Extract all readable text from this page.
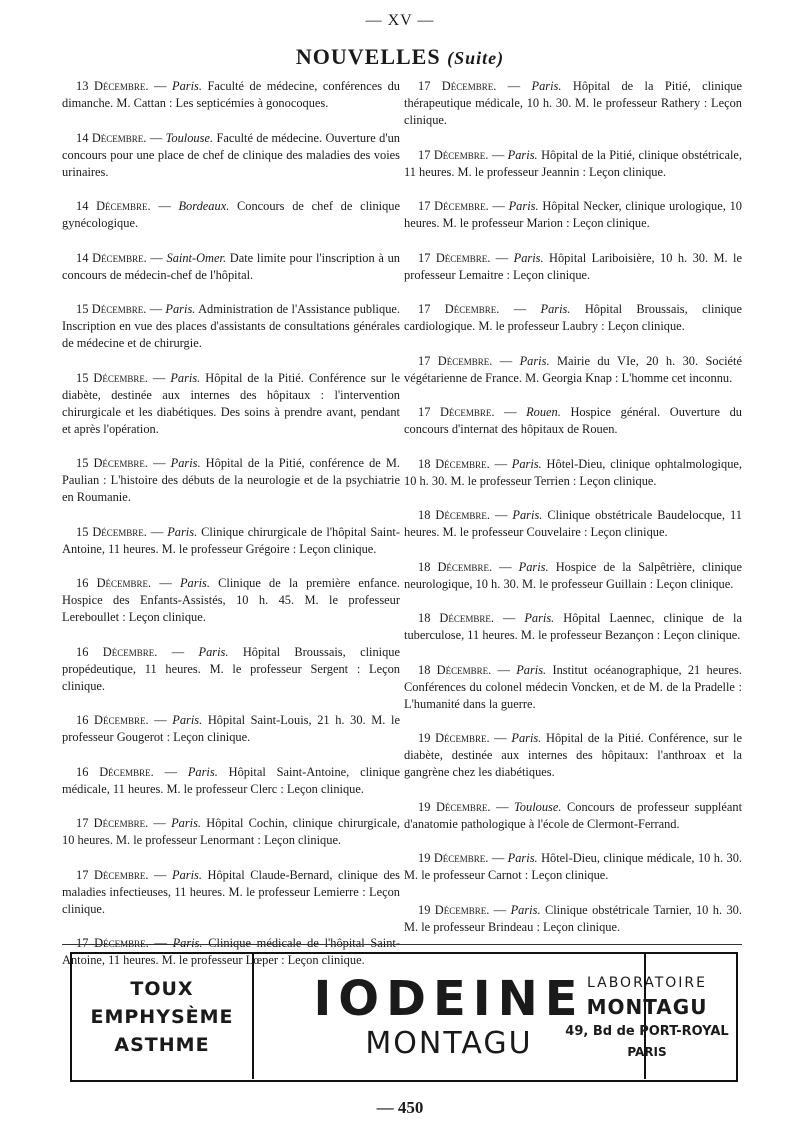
— XV —
NOUVELLES (Suite)

13 Décembre. — Paris. Faculté de médecine, conférences du dimanche. M. Cattan : Les septicémies à gonocoques.

14 Décembre. — Toulouse. Faculté de médecine. Ouverture d'un concours pour une place de chef de clinique des maladies des voies urinaires.

14 Décembre. — Bordeaux. Concours de chef de clinique gynécologique.

14 Décembre. — Saint-Omer. Date limite pour l'inscription à un concours de médecin-chef de l'hôpital.

15 Décembre. — Paris. Administration de l'Assistance publique. Inscription en vue des places d'assistants de consultations générales de médecine et de chirurgie.

15 Décembre. — Paris. Hôpital de la Pitié. Conférence sur le diabète, destinée aux internes des hôpitaux : l'intervention chirurgicale et les diabétiques. Des soins à prendre avant, pendant et après l'opération.

15 Décembre. — Paris. Hôpital de la Pitié, conférence de M. Paulian : L'histoire des débuts de la neurologie et de la psychiatrie en Roumanie.

15 Décembre. — Paris. Clinique chirurgicale de l'hôpital Saint-Antoine, 11 heures. M. le professeur Grégoire : Leçon clinique.

16 Décembre. — Paris. Clinique de la première enfance. Hospice des Enfants-Assistés, 10 h. 45. M. le professeur Lereboullet : Leçon clinique.

16 Décembre. — Paris. Hôpital Broussais, clinique propédeutique, 11 heures. M. le professeur Sergent : Leçon clinique.

16 Décembre. — Paris. Hôpital Saint-Louis, 21 h. 30. M. le professeur Gougerot : Leçon clinique.

16 Décembre. — Paris. Hôpital Saint-Antoine, clinique médicale, 11 heures. M. le professeur Clerc : Leçon clinique.

17 Décembre. — Paris. Hôpital Cochin, clinique chirurgicale, 10 heures. M. le professeur Lenormant : Leçon clinique.

17 Décembre. — Paris. Hôpital Claude-Bernard, clinique des maladies infectieuses, 11 heures. M. le professeur Lemierre : Leçon clinique.

17 Décembre. — Paris. Clinique médicale de l'hôpital Saint-Antoine, 11 heures. M. le professeur Lœper : Leçon clinique.

17 Décembre. — Paris. Hôpital de la Pitié, clinique thérapeutique médicale, 10 h. 30. M. le professeur Rathery : Leçon clinique.

17 Décembre. — Paris. Hôpital de la Pitié, clinique obstétricale, 11 heures. M. le professeur Jeannin : Leçon clinique.

17 Décembre. — Paris. Hôpital Necker, clinique urologique, 10 heures. M. le professeur Marion : Leçon clinique.

17 Décembre. — Paris. Hôpital Lariboisière, 10 h. 30. M. le professeur Lemaitre : Leçon clinique.

17 Décembre. — Paris. Hôpital Broussais, clinique cardiologique. M. le professeur Laubry : Leçon clinique.

17 Décembre. — Paris. Mairie du VIe, 20 h. 30. Société végétarienne de France. M. Georgia Knap : L'homme cet inconnu.

17 Décembre. — Rouen. Hospice général. Ouverture du concours d'internat des hôpitaux de Rouen.

18 Décembre. — Paris. Hôtel-Dieu, clinique ophtalmologique, 10 h. 30. M. le professeur Terrien : Leçon clinique.

18 Décembre. — Paris. Clinique obstétricale Baudelocque, 11 heures. M. le professeur Couvelaire : Leçon clinique.

18 Décembre. — Paris. Hospice de la Salpêtrière, clinique neurologique, 10 h. 30. M. le professeur Guillain : Leçon clinique.

18 Décembre. — Paris. Hôpital Laennec, clinique de la tuberculose, 11 heures. M. le professeur Bezançon : Leçon clinique.

18 Décembre. — Paris. Institut océanographique, 21 heures. Conférences du colonel médecin Voncken, et de M. de la Pradelle : L'humanité dans la guerre.

19 Décembre. — Paris. Hôpital de la Pitié. Conférence, sur le diabète, destinée aux internes des hôpitaux: l'anthroax et la gangrène chez les diabétiques.

19 Décembre. — Toulouse. Concours de professeur suppléant d'anatomie pathologique à l'école de Clermont-Ferrand.

19 Décembre. — Paris. Hôtel-Dieu, clinique médicale, 10 h. 30. M. le professeur Carnot : Leçon clinique.

19 Décembre. — Paris. Clinique obstétricale Tarnier, 10 h. 30. M. le professeur Brindeau : Leçon clinique.

TOUX
EMPHYSÈME
ASTHME
IODEINE
MONTAGU
LABORATOIRE
MONTAGU
49, Bd de PORT-ROYAL
PARIS
— 450
